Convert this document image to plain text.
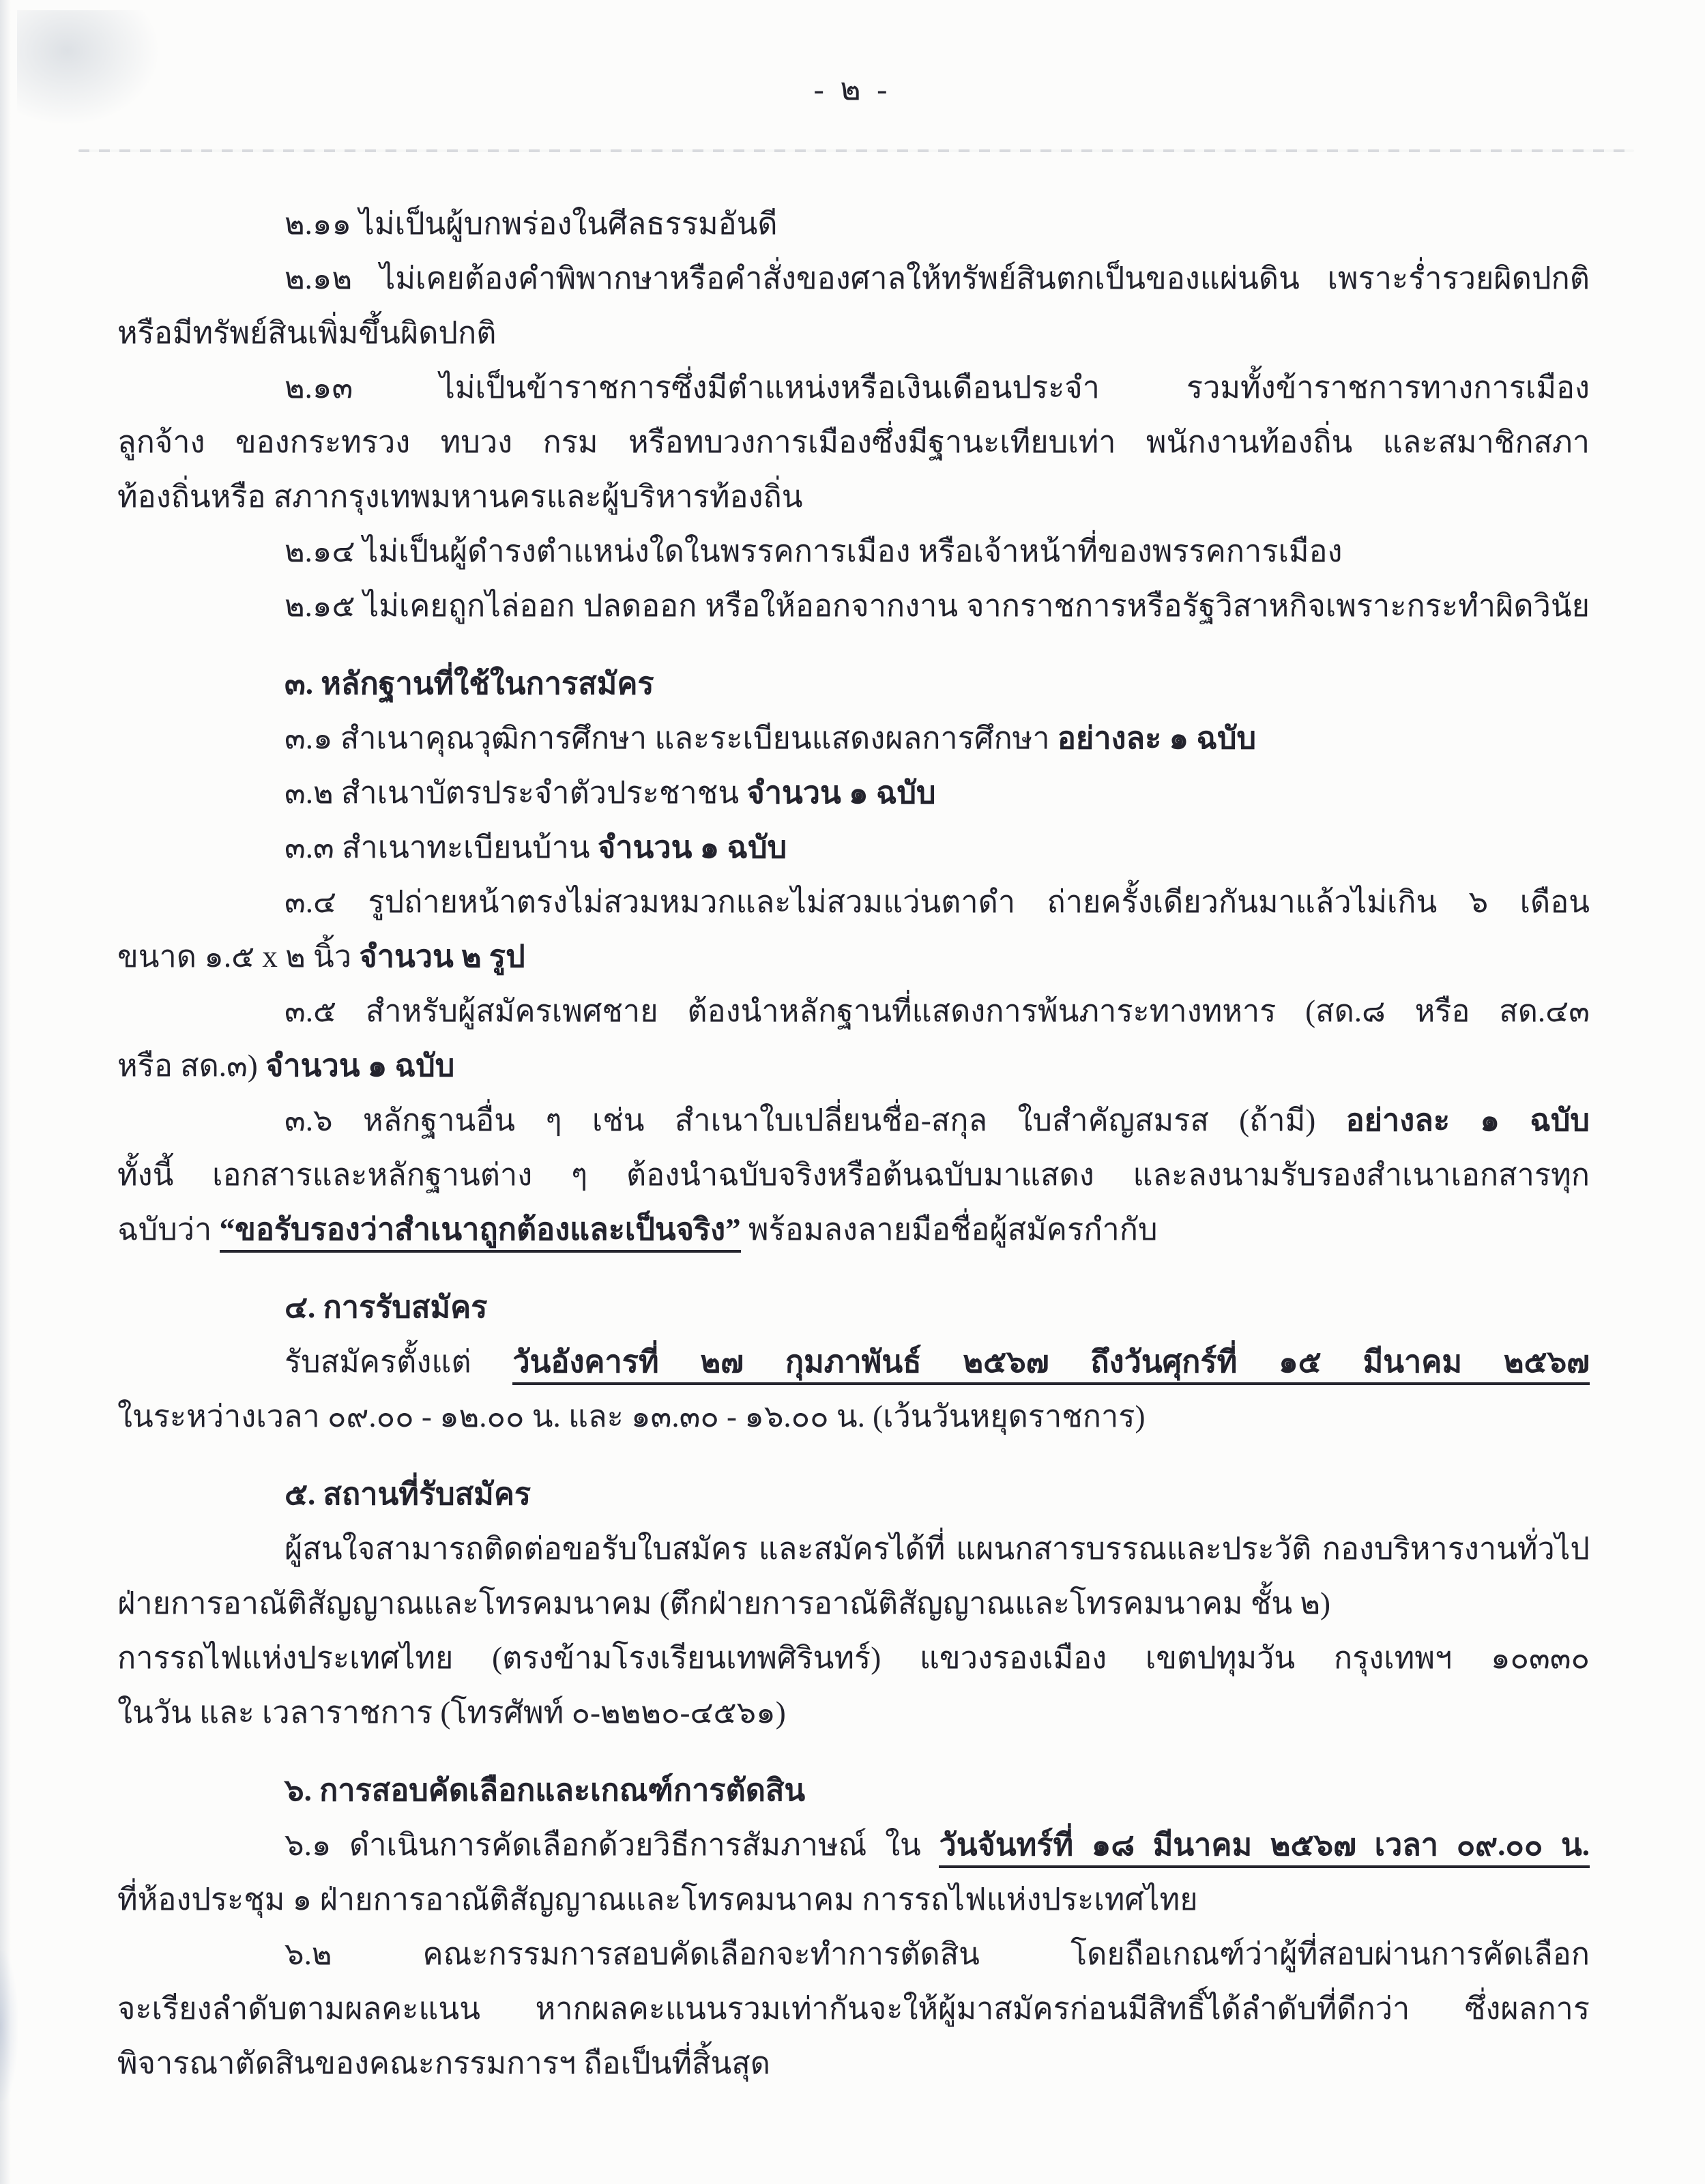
- ๒ -
๒.๑๑ ไม่เป็นผู้บกพร่องในศีลธรรมอันดี
๒.๑๒ ไม่เคยต้องคำพิพากษาหรือคำสั่งของศาลให้ทรัพย์สินตกเป็นของแผ่นดิน เพราะร่ำรวยผิดปกติ
หรือมีทรัพย์สินเพิ่มขึ้นผิดปกติ
๒.๑๓ ไม่เป็นข้าราชการซึ่งมีตำแหน่งหรือเงินเดือนประจำ รวมทั้งข้าราชการทางการเมือง
ลูกจ้าง ของกระทรวง ทบวง กรม หรือทบวงการเมืองซึ่งมีฐานะเทียบเท่า พนักงานท้องถิ่น และสมาชิกสภา
ท้องถิ่นหรือ สภากรุงเทพมหานครและผู้บริหารท้องถิ่น
๒.๑๔ ไม่เป็นผู้ดำรงตำแหน่งใดในพรรคการเมือง หรือเจ้าหน้าที่ของพรรคการเมือง
๒.๑๕ ไม่เคยถูกไล่ออก ปลดออก หรือให้ออกจากงาน จากราชการหรือรัฐวิสาหกิจเพราะกระทำผิดวินัย
๓. หลักฐานที่ใช้ในการสมัคร
๓.๑ สำเนาคุณวุฒิการศึกษา และระเบียนแสดงผลการศึกษา อย่างละ ๑ ฉบับ
๓.๒ สำเนาบัตรประจำตัวประชาชน จำนวน ๑ ฉบับ
๓.๓ สำเนาทะเบียนบ้าน จำนวน ๑ ฉบับ
๓.๔ รูปถ่ายหน้าตรงไม่สวมหมวกและไม่สวมแว่นตาดำ ถ่ายครั้งเดียวกันมาแล้วไม่เกิน ๖ เดือน
ขนาด ๑.๕ x ๒ นิ้ว จำนวน ๒ รูป
๓.๕ สำหรับผู้สมัครเพศชาย ต้องนำหลักฐานที่แสดงการพ้นภาระทางทหาร (สด.๘ หรือ สด.๔๓
หรือ สด.๓) จำนวน ๑ ฉบับ
๓.๖ หลักฐานอื่น ๆ เช่น สำเนาใบเปลี่ยนชื่อ-สกุล ใบสำคัญสมรส (ถ้ามี) อย่างละ ๑ ฉบับ
ทั้งนี้ เอกสารและหลักฐานต่าง ๆ ต้องนำฉบับจริงหรือต้นฉบับมาแสดง และลงนามรับรองสำเนาเอกสารทุก
ฉบับว่า “ขอรับรองว่าสำเนาถูกต้องและเป็นจริง” พร้อมลงลายมือชื่อผู้สมัครกำกับ
๔. การรับสมัคร
รับสมัครตั้งแต่ วันอังคารที่ ๒๗ กุมภาพันธ์ ๒๕๖๗ ถึงวันศุกร์ที่ ๑๕ มีนาคม ๒๕๖๗
ในระหว่างเวลา ๐๙.๐๐ - ๑๒.๐๐ น. และ ๑๓.๓๐ - ๑๖.๐๐ น. (เว้นวันหยุดราชการ)
๕. สถานที่รับสมัคร
ผู้สนใจสามารถติดต่อขอรับใบสมัคร และสมัครได้ที่ แผนกสารบรรณและประวัติ กองบริหารงานทั่วไป
ฝ่ายการอาณัติสัญญาณและโทรคมนาคม (ตึกฝ่ายการอาณัติสัญญาณและโทรคมนาคม ชั้น ๒)
การรถไฟแห่งประเทศไทย (ตรงข้ามโรงเรียนเทพศิรินทร์) แขวงรองเมือง เขตปทุมวัน กรุงเทพฯ ๑๐๓๓๐
ในวัน และ เวลาราชการ (โทรศัพท์ ๐-๒๒๒๐-๔๕๖๑)
๖. การสอบคัดเลือกและเกณฑ์การตัดสิน
๖.๑ ดำเนินการคัดเลือกด้วยวิธีการสัมภาษณ์ ใน วันจันทร์ที่ ๑๘ มีนาคม ๒๕๖๗ เวลา ๐๙.๐๐ น.
ที่ห้องประชุม ๑ ฝ่ายการอาณัติสัญญาณและโทรคมนาคม การรถไฟแห่งประเทศไทย
๖.๒ คณะกรรมการสอบคัดเลือกจะทำการตัดสิน โดยถือเกณฑ์ว่าผู้ที่สอบผ่านการคัดเลือก
จะเรียงลำดับตามผลคะแนน หากผลคะแนนรวมเท่ากันจะให้ผู้มาสมัครก่อนมีสิทธิ์ได้ลำดับที่ดีกว่า ซึ่งผลการ
พิจารณาตัดสินของคณะกรรมการฯ ถือเป็นที่สิ้นสุด
